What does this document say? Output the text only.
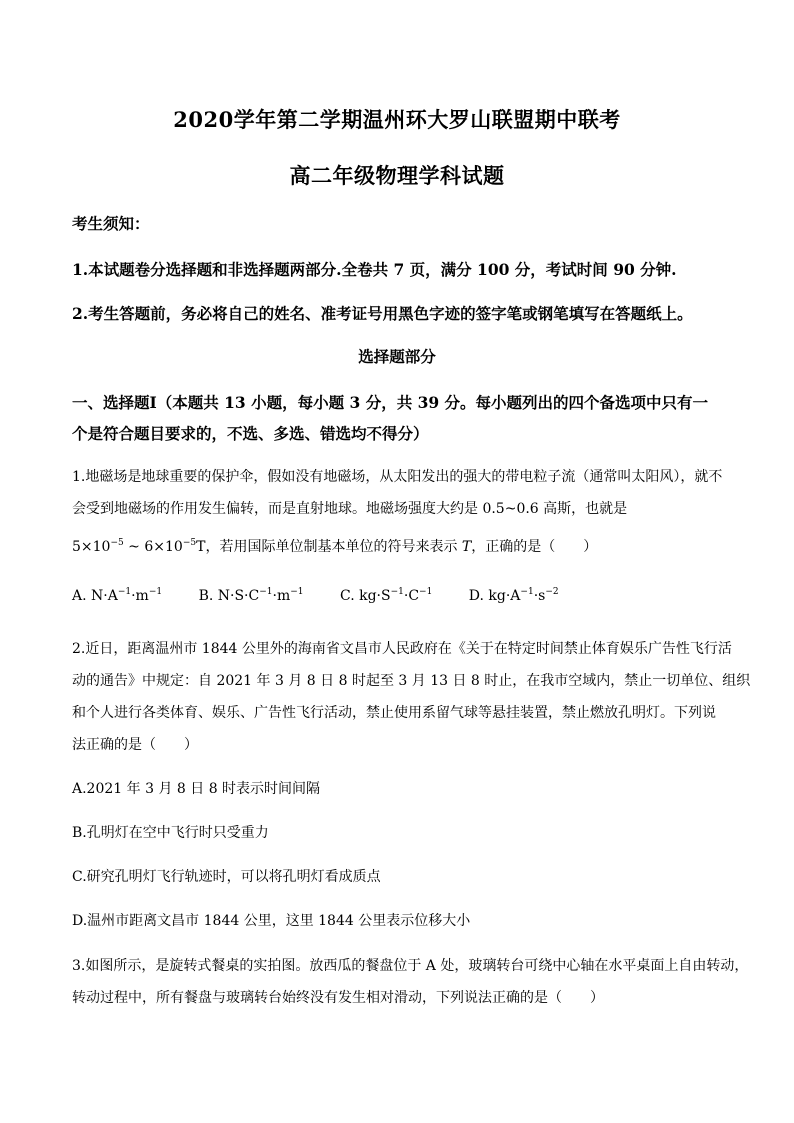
2020学年第二学期温州环大罗山联盟期中联考
高二年级物理学科试题
考生须知：
1.本试题卷分选择题和非选择题两部分.全卷共 7 页，满分 100 分，考试时间 90 分钟.
2.考生答题前，务必将自己的姓名、准考证号用黑色字迹的签字笔或钢笔填写在答题纸上。
选择题部分
一、选择题Ⅰ（本题共 13 小题，每小题 3 分，共 39 分。每小题列出的四个备选项中只有一
个是符合题目要求的，不选、多选、错选均不得分）
1.地磁场是地球重要的保护伞，假如没有地磁场，从太阳发出的强大的带电粒子流（通常叫太阳风），就不
会受到地磁场的作用发生偏转，而是直射地球。地磁场强度大约是 0.5~0.6 高斯，也就是
$5\times 10^{-5}$ ~ $6\times 10^{-5}T$，若用国际单位制基本单位的符号来表示 T，正确的是（　　）
A. $N\cdot A^{-1}\cdot m^{-1}$	B. $N\cdot S\cdot C^{-1}\cdot m^{-1}$	C. $kg\cdot S^{-1}\cdot C^{-1}$	D. $kg\cdot A^{-1}\cdot s^{-2}$
2.近日，距离温州市 1844 公里外的海南省文昌市人民政府在《关于在特定时间禁止体育娱乐广告性飞行活
动的通告》中规定：自 2021 年 3 月 8 日 8 时起至 3 月 13 日 8 时止，在我市空域内，禁止一切单位、组织
和个人进行各类体育、娱乐、广告性飞行活动，禁止使用系留气球等悬挂装置，禁止燃放孔明灯。下列说
法正确的是（　　）
A.2021 年 3 月 8 日 8 时表示时间间隔
B.孔明灯在空中飞行时只受重力
C.研究孔明灯飞行轨迹时，可以将孔明灯看成质点
D.温州市距离文昌市 1844 公里，这里 1844 公里表示位移大小
3.如图所示，是旋转式餐桌的实拍图。放西瓜的餐盘位于 A 处，玻璃转台可绕中心轴在水平桌面上自由转动，
转动过程中，所有餐盘与玻璃转台始终没有发生相对滑动，下列说法正确的是（　　）
